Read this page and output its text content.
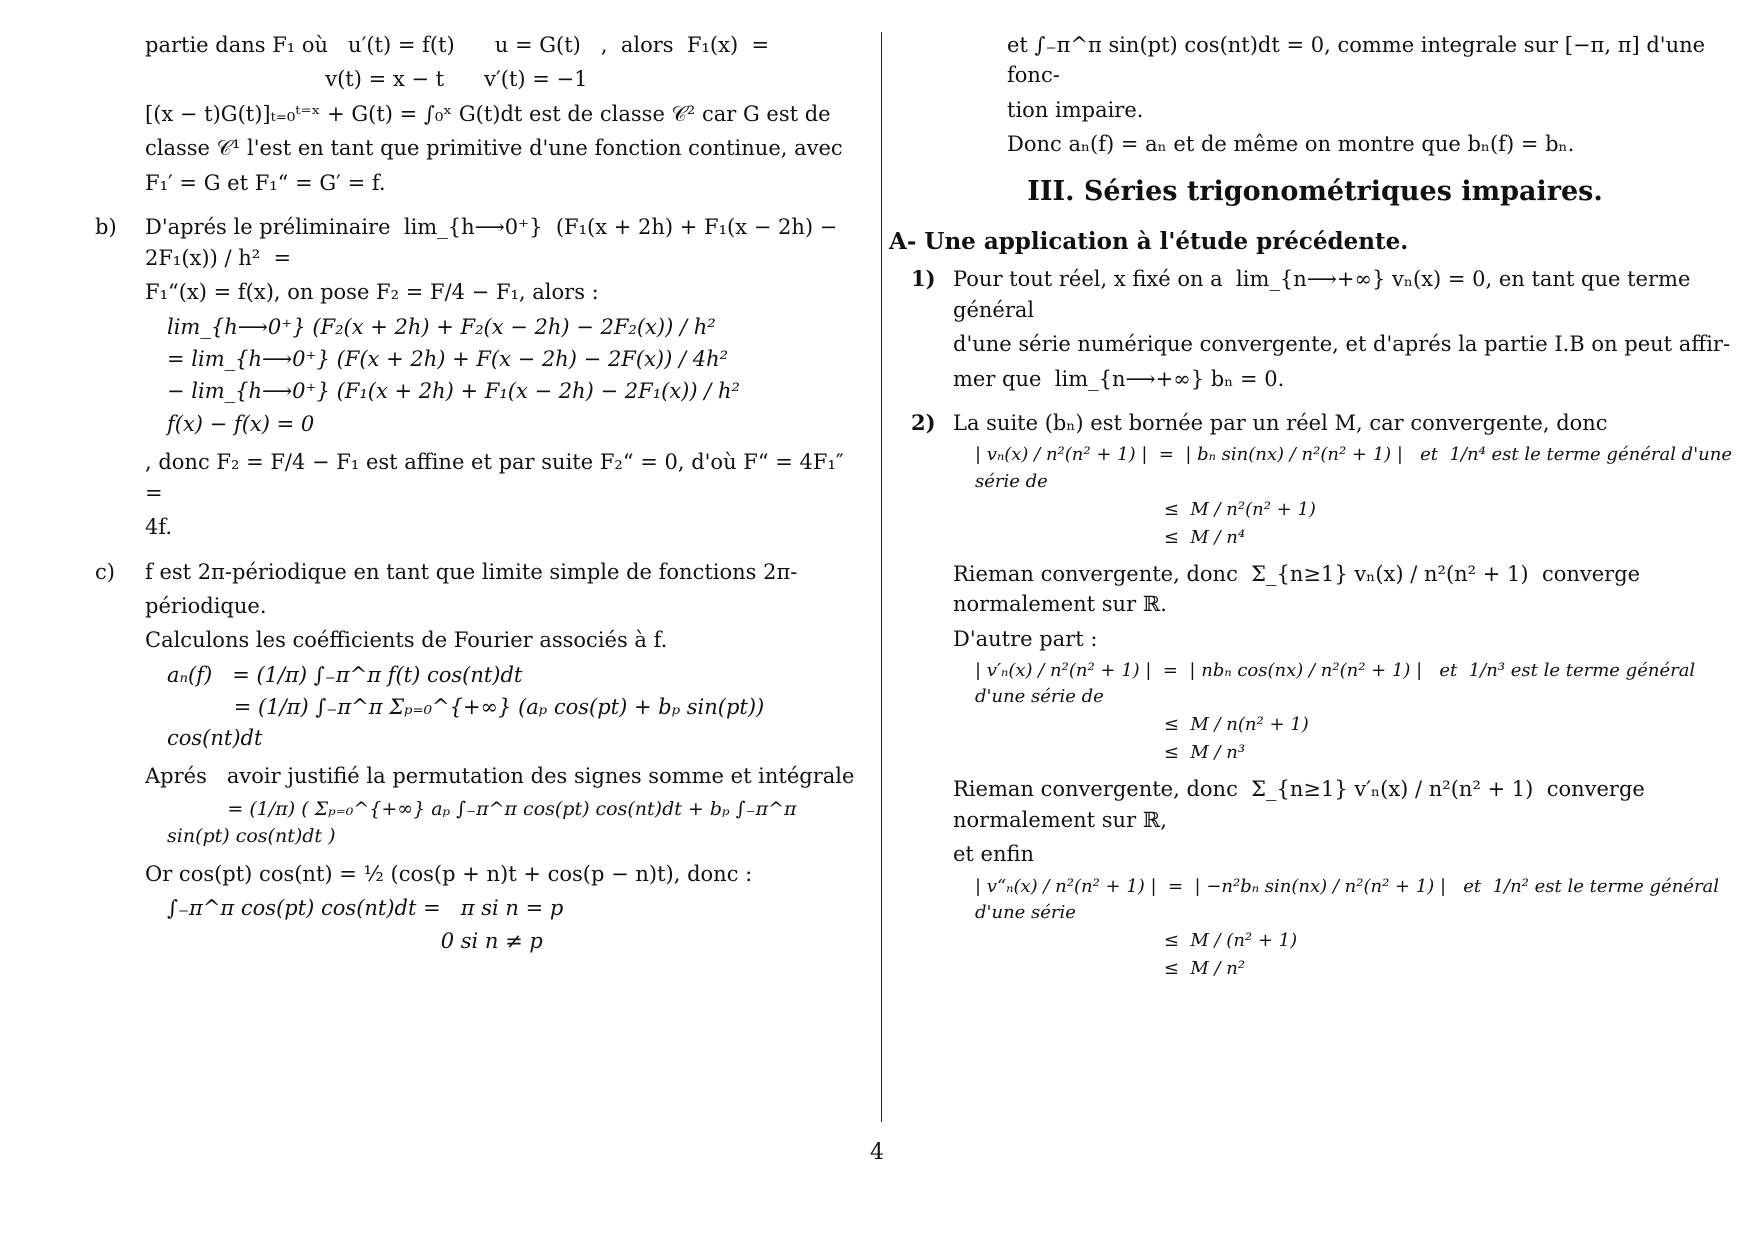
partie dans F₁ où   u′(t) = f(t)      u = G(t)   ,  alors  F₁(x)  =
v(t) = x − t      v′(t) = −1
[(x − t)G(t)]ₜ₌₀ᵗ⁼ˣ + G(t) = ∫₀ˣ G(t)dt est de classe 𝒞² car G est de
classe 𝒞¹ l'est en tant que primitive d'une fonction continue, avec
F₁′ = G et F₁“ = G′ = f.
b) D'aprés le préliminaire  lim_{h⟶0⁺}  (F₁(x + 2h) + F₁(x − 2h) − 2F₁(x)) / h²  =
F₁“(x) = f(x), on pose F₂ = F/4 − F₁, alors :
lim_{h⟶0⁺} (F₂(x + 2h) + F₂(x − 2h) − 2F₂(x)) / h²
= lim_{h⟶0⁺} (F(x + 2h) + F(x − 2h) − 2F(x)) / 4h²
− lim_{h⟶0⁺} (F₁(x + 2h) + F₁(x − 2h) − 2F₁(x)) / h²
f(x) − f(x) = 0
, donc F₂ = F/4 − F₁ est affine et par suite F₂“ = 0, d'où F“ = 4F₁″ =
4f.
c) f est 2π-périodique en tant que limite simple de fonctions 2π-
périodique.
Calculons les coéfficients de Fourier associés à f.
aₙ(f)   = (1/π) ∫₋π^π f(t) cos(nt)dt
= (1/π) ∫₋π^π Σₚ₌₀^{+∞} (aₚ cos(pt) + bₚ sin(pt)) cos(nt)dt
Aprés   avoir justifié la permutation des signes somme et intégrale
= (1/π) ( Σₚ₌₀^{+∞} aₚ ∫₋π^π cos(pt) cos(nt)dt + bₚ ∫₋π^π sin(pt) cos(nt)dt )
Or cos(pt) cos(nt) = ½ (cos(p + n)t + cos(p − n)t), donc :
∫₋π^π cos(pt) cos(nt)dt =   π si n = p
0 si n ≠ p
et ∫₋π^π sin(pt) cos(nt)dt = 0, comme integrale sur [−π, π] d'une fonc-
tion impaire.
Donc aₙ(f) = aₙ et de même on montre que bₙ(f) = bₙ.
III. Séries trigonométriques impaires.
A- Une application à l'étude précédente.
1) Pour tout réel, x fixé on a  lim_{n⟶+∞} vₙ(x) = 0, en tant que terme général
d'une série numérique convergente, et d'aprés la partie I.B on peut affir-
mer que  lim_{n⟶+∞} bₙ = 0.
2) La suite (bₙ) est bornée par un réel M, car convergente, donc
| vₙ(x) / n²(n² + 1) |  =  | bₙ sin(nx) / n²(n² + 1) |   et  1/n⁴ est le terme général d'une série de
≤  M / n²(n² + 1)
≤  M / n⁴
Rieman convergente, donc  Σ_{n≥1} vₙ(x) / n²(n² + 1)  converge normalement sur ℝ.
D'autre part :
| v′ₙ(x) / n²(n² + 1) |  =  | nbₙ cos(nx) / n²(n² + 1) |   et  1/n³ est le terme général d'une série de
≤  M / n(n² + 1)
≤  M / n³
Rieman convergente, donc  Σ_{n≥1} v′ₙ(x) / n²(n² + 1)  converge normalement sur ℝ,
et enfin
| v“ₙ(x) / n²(n² + 1) |  =  | −n²bₙ sin(nx) / n²(n² + 1) |   et  1/n² est le terme général d'une série
≤  M / (n² + 1)
≤  M / n²
4
